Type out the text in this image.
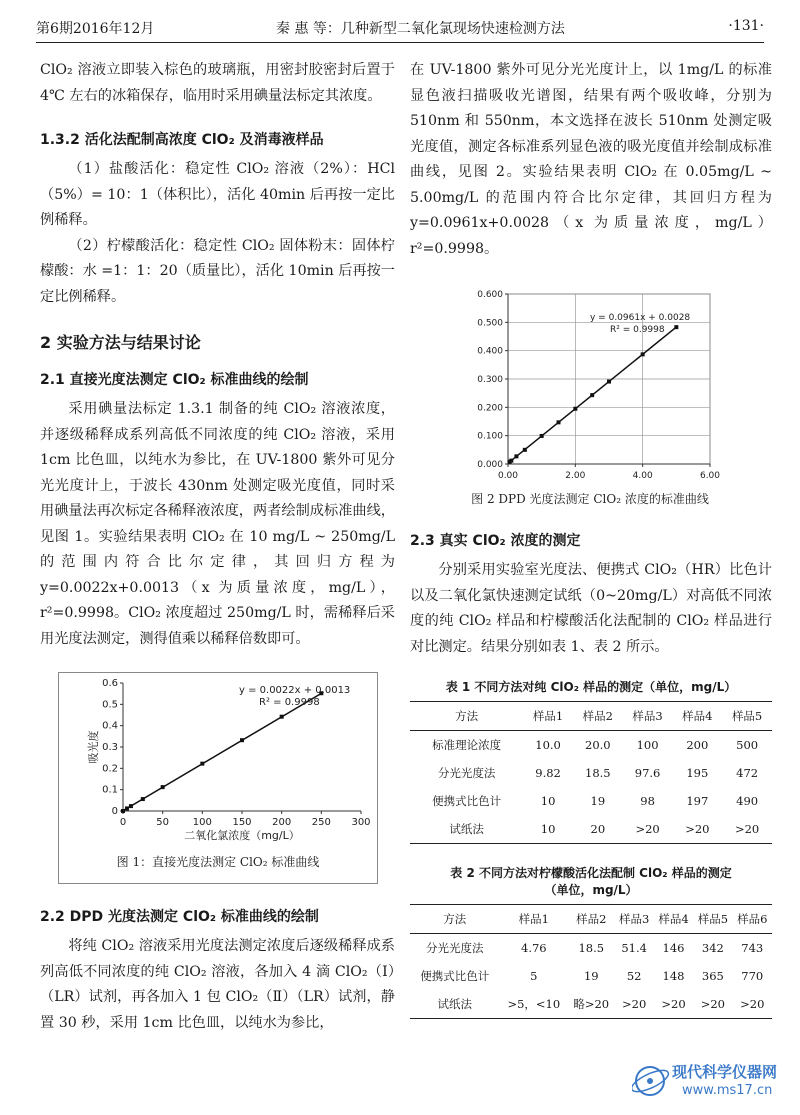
第6期2016年12月	秦 惠 等：几种新型二氧化氯现场快速检测方法	·131·

ClO₂ 溶液立即装入棕色的玻璃瓶，用密封胶密封后置于 4℃ 左右的冰箱保存，临用时采用碘量法标定其浓度。

1.3.2 活化法配制高浓度 ClO₂ 及消毒液样品

（1）盐酸活化：稳定性 ClO₂ 溶液（2%）：HCl（5%）= 10：1（体积比），活化 40min 后再按一定比例稀释。

（2）柠檬酸活化：稳定性 ClO₂ 固体粉末：固体柠檬酸：水 =1：1：20（质量比），活化 10min 后再按一定比例稀释。

2 实验方法与结果讨论
2.1 直接光度法测定 ClO₂ 标准曲线的绘制

采用碘量法标定 1.3.1 制备的纯 ClO₂ 溶液浓度，并逐级稀释成系列高低不同浓度的纯 ClO₂ 溶液，采用 1cm 比色皿，以纯水为参比，在 UV-1800 紫外可见分光光度计上，于波长 430nm 处测定吸光度值，同时采用碘量法再次标定各稀释液浓度，两者绘制成标准曲线，见图 1。实验结果表明 ClO₂ 在 10 mg/L ~ 250mg/L 的范围内符合比尔定律，其回归方程为 y=0.0022x+0.0013（x 为质量浓度，mg/L），r²=0.9998。ClO₂ 浓度超过 250mg/L 时，需稀释后采用光度法测定，测得值乘以稀释倍数即可。

0
0.1
0.2
0.3
0.4
0.5
0.6
0	50 100 150 200 250 300
y = 0.0022x + 0.0013
R² = 0.9998
二氧化氯浓度（mg/L）
吸光度
图 1：直接光度法测定 ClO₂ 标准曲线
2.2 DPD 光度法测定 ClO₂ 标准曲线的绘制

将纯 ClO₂ 溶液采用光度法测定浓度后逐级稀释成系列高低不同浓度的纯 ClO₂ 溶液，各加入 4 滴 ClO₂（Ⅰ）（LR）试剂，再各加入 1 包 ClO₂（Ⅱ）（LR）试剂，静置 30 秒，采用 1cm 比色皿，以纯水为参比，

在 UV-1800 紫外可见分光光度计上，以 1mg/L 的标准显色液扫描吸收光谱图，结果有两个吸收峰，分别为 510nm 和 550nm，本文选择在波长 510nm 处测定吸光度值，测定各标准系列显色液的吸光度值并绘制成标准曲线，见图 2。实验结果表明 ClO₂ 在 0.05mg/L ~ 5.00mg/L 的范围内符合比尔定律，其回归方程为 y=0.0961x+0.0028（x 为质量浓度，mg/L）r²=0.9998。

0.000
0.100
0.200
0.300
0.400
0.500
0.600
0.00	2.00	4.00	6.00
y = 0.0961x + 0.0028
R² = 0.9998
图 2 DPD 光度法测定 ClO₂ 浓度的标准曲线
2.3 真实 ClO₂ 浓度的测定

分别采用实验室光度法、便携式 ClO₂（HR）比色计以及二氧化氯快速测定试纸（0~20mg/L）对高低不同浓度的纯 ClO₂ 样品和柠檬酸活化法配制的 ClO₂ 样品进行对比测定。结果分别如表 1、表 2 所示。

表 1 不同方法对纯 ClO₂ 样品的测定（单位，mg/L）
方法	样品1	样品2	样品3	样品4	样品5
标准理论浓度	10.0	20.0	100	200	500
分光光度法	9.82	18.5	97.6	195	472
便携式比色计	10	19	98	197	490
试纸法	10	20	>20	>20	>20
表 2 不同方法对柠檬酸活化法配制 ClO₂ 样品的测定
（单位，mg/L）
方法	样品1	样品2	样品3	样品4	样品5	样品6
分光光度法	4.76	18.5	51.4	146	342	743
便携式比色计	5	19	52	148	365	770
试纸法	>5，<10	略>20	>20	>20	>20	>20
现代科学仪器网
www.ms17.cn
